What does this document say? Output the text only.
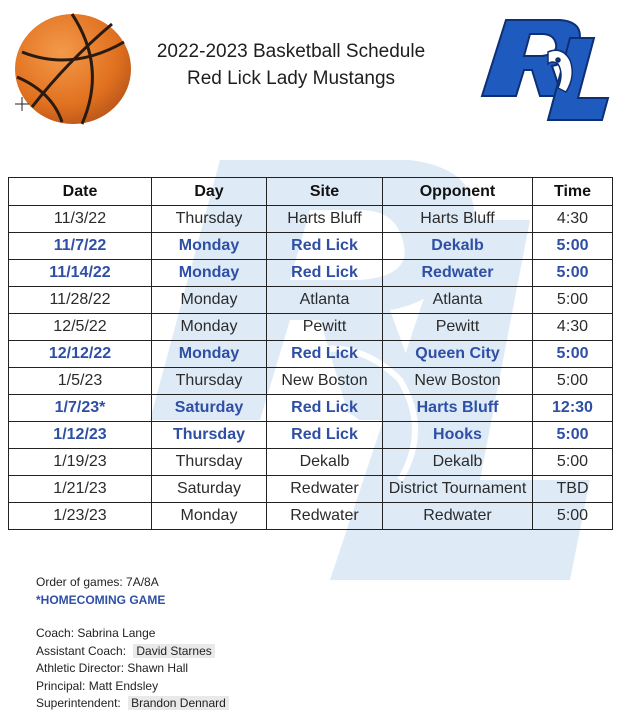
2022-2023 Basketball Schedule
Red Lick Lady Mustangs
Date	Day	Site	Opponent	Time
11/3/22	Thursday	Harts Bluff	Harts Bluff	4:30
11/7/22	Monday	Red Lick	Dekalb	5:00
11/14/22	Monday	Red Lick	Redwater	5:00
11/28/22	Monday	Atlanta	Atlanta	5:00
12/5/22	Monday	Pewitt	Pewitt	4:30
12/12/22	Monday	Red Lick	Queen City	5:00
1/5/23	Thursday	New Boston	New Boston	5:00
1/7/23*	Saturday	Red Lick	Harts Bluff	12:30
1/12/23	Thursday	Red Lick	Hooks	5:00
1/19/23	Thursday	Dekalb	Dekalb	5:00
1/21/23	Saturday	Redwater	District Tournament	TBD
1/23/23	Monday	Redwater	Redwater	5:00
Order of games: 7A/8A
*HOMECOMING GAME
Coach: Sabrina Lange
Assistant Coach: David Starnes
Athletic Director: Shawn Hall
Principal: Matt Endsley
Superintendent: Brandon Dennard
